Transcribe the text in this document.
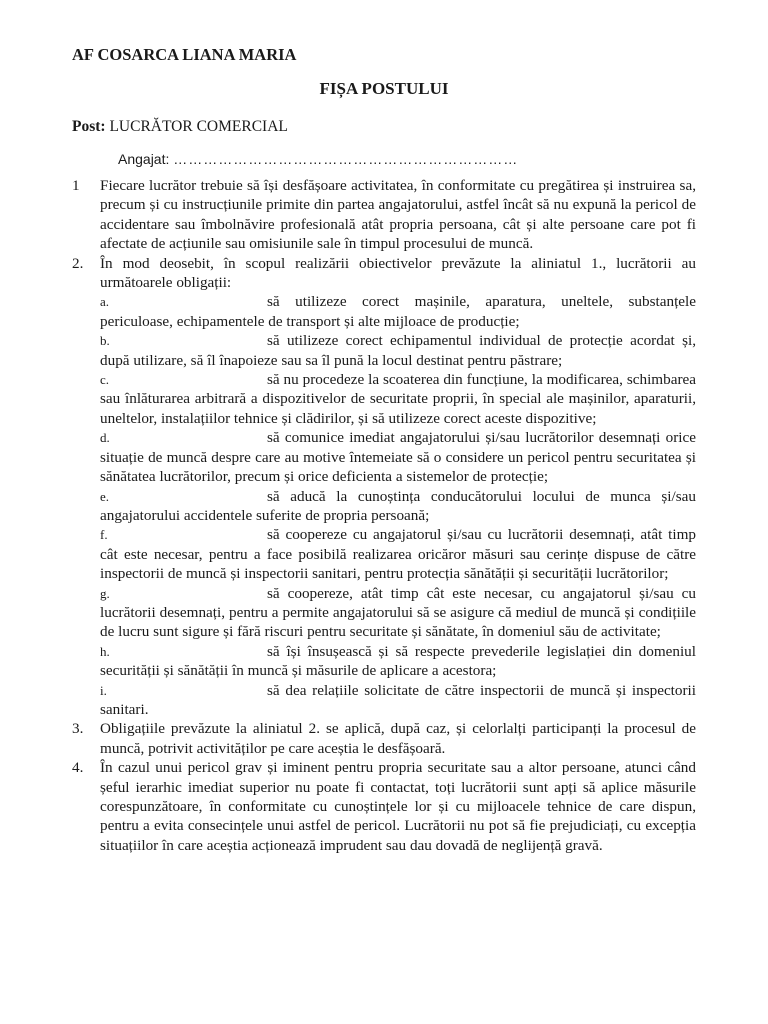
AF COSARCA LIANA MARIA

FIȘA POSTULUI

Post: LUCRĂTOR COMERCIAL

Angajat: ……………………………………………………………

1 Fiecare lucrător trebuie să își desfășoare activitatea, în conformitate cu pregătirea și instruirea sa, precum și cu instrucțiunile primite din partea angajatorului, astfel încât să nu expună la pericol de accidentare sau îmbolnăvire profesională atât propria persoana, cât și alte persoane care pot fi afectate de acțiunile sau omisiunile sale în timpul procesului de muncă.
2. În mod deosebit, în scopul realizării obiectivelor prevăzute la aliniatul 1., lucrătorii au următoarele obligații:
a.	să utilizeze corect mașinile, aparatura, uneltele, substanțele periculoase, echipamentele de transport și alte mijloace de producție;
b.	să utilizeze corect echipamentul individual de protecție acordat și, după utilizare, să îl înapoieze sau sa îl pună la locul destinat pentru păstrare;
c.	să nu procedeze la scoaterea din funcțiune, la modificarea, schimbarea sau înlăturarea arbitrară a dispozitivelor de securitate proprii, în special ale mașinilor, aparaturii, uneltelor, instalațiilor tehnice și clădirilor, și să utilizeze corect aceste dispozitive;
d.	să comunice imediat angajatorului și/sau lucrătorilor desemnați orice situație de muncă despre care au motive întemeiate să o considere un pericol pentru securitatea și sănătatea lucrătorilor, precum și orice deficienta a sistemelor de protecție;
e.	să aducă la cunoștința conducătorului locului de munca și/sau angajatorului accidentele suferite de propria persoană;
f.	să coopereze cu angajatorul și/sau cu lucrătorii desemnați, atât timp cât este necesar, pentru a face posibilă realizarea oricăror măsuri sau cerințe dispuse de către inspectorii de muncă și inspectorii sanitari, pentru protecția sănătății și securității lucrătorilor;
g.	să coopereze, atât timp cât este necesar, cu angajatorul și/sau cu lucrătorii desemnați, pentru a permite angajatorului să se asigure că mediul de muncă și condițiile de lucru sunt sigure și fără riscuri pentru securitate și sănătate, în domeniul său de activitate;
h.	să își însușească și să respecte prevederile legislației din domeniul securității și sănătății în muncă și măsurile de aplicare a acestora;
i.	să dea relațiile solicitate de către inspectorii de muncă și inspectorii sanitari.
3. Obligațiile prevăzute la aliniatul 2. se aplică, după caz, și celorlalți participanți la procesul de muncă, potrivit activităților pe care aceștia le desfășoară.
4. În cazul unui pericol grav și iminent pentru propria securitate sau a altor persoane, atunci când șeful ierarhic imediat superior nu poate fi contactat, toți lucrătorii sunt apți să aplice măsurile corespunzătoare, în conformitate cu cunoștințele lor și cu mijloacele tehnice de care dispun, pentru a evita consecințele unui astfel de pericol. Lucrătorii nu pot să fie prejudiciați, cu excepția situațiilor în care aceștia acționează imprudent sau dau dovadă de neglijență gravă.
